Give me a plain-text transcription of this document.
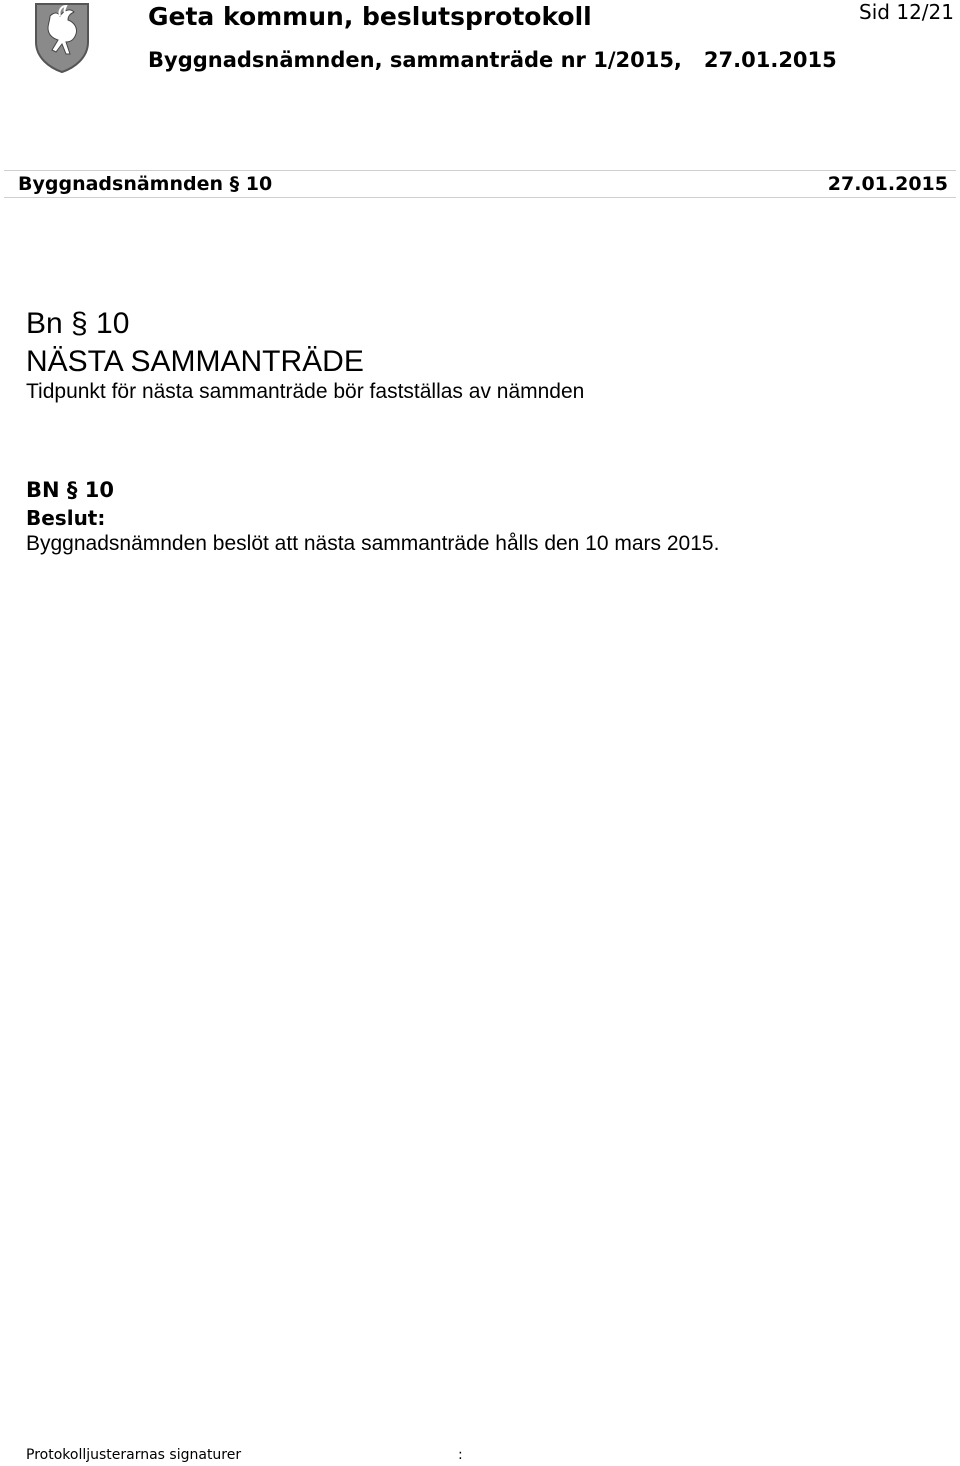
Geta kommun, beslutsprotokoll	Sid 12/21
Byggnadsnämnden, sammanträde nr 1/2015, 27.01.2015
Byggnadsnämnden § 10	27.01.2015
Bn § 10
NÄSTA SAMMANTRÄDE
Tidpunkt för nästa sammanträde bör fastställas av nämnden
BN § 10
Beslut:
Byggnadsnämnden beslöt att nästa sammanträde hålls den 10 mars 2015.
Protokolljusterarnas signaturer	:
